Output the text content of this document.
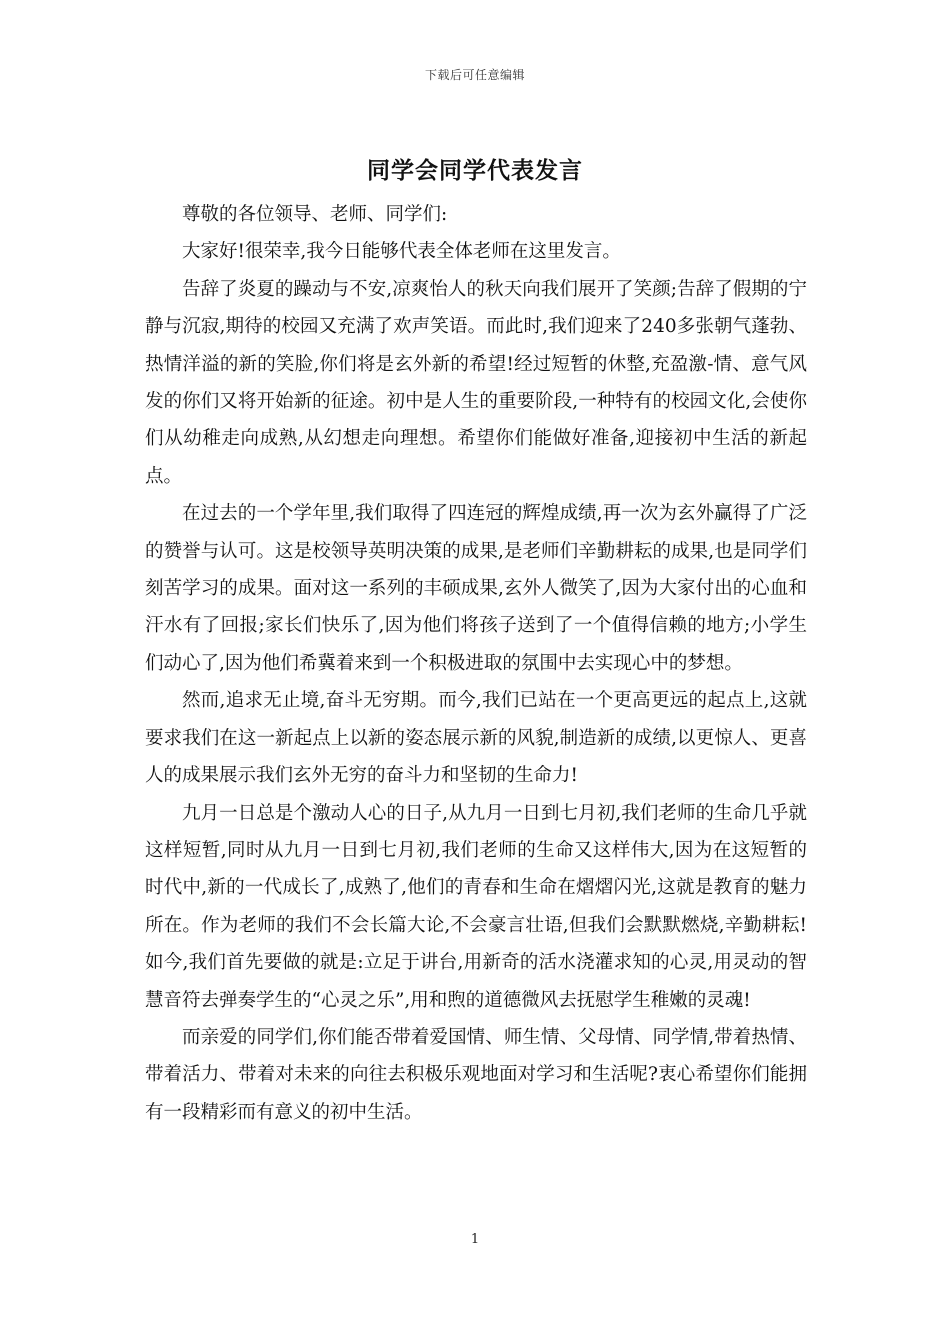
下载后可任意编辑
同学会同学代表发言

尊敬的各位领导、老师、同学们:

大家好!很荣幸,我今日能够代表全体老师在这里发言。

告辞了炎夏的躁动与不安,凉爽怡人的秋天向我们展开了笑颜;告辞了假期的宁静与沉寂,期待的校园又充满了欢声笑语。而此时,我们迎来了240多张朝气蓬勃、热情洋溢的新的笑脸,你们将是玄外新的希望!经过短暂的休整,充盈激-情、意气风发的你们又将开始新的征途。初中是人生的重要阶段,一种特有的校园文化,会使你们从幼稚走向成熟,从幻想走向理想。希望你们能做好准备,迎接初中生活的新起点。

在过去的一个学年里,我们取得了四连冠的辉煌成绩,再一次为玄外赢得了广泛的赞誉与认可。这是校领导英明决策的成果,是老师们辛勤耕耘的成果,也是同学们刻苦学习的成果。面对这一系列的丰硕成果,玄外人微笑了,因为大家付出的心血和汗水有了回报;家长们快乐了,因为他们将孩子送到了一个值得信赖的地方;小学生们动心了,因为他们希冀着来到一个积极进取的氛围中去实现心中的梦想。

然而,追求无止境,奋斗无穷期。而今,我们已站在一个更高更远的起点上,这就要求我们在这一新起点上以新的姿态展示新的风貌,制造新的成绩,以更惊人、更喜人的成果展示我们玄外无穷的奋斗力和坚韧的生命力!

九月一日总是个激动人心的日子,从九月一日到七月初,我们老师的生命几乎就这样短暂,同时从九月一日到七月初,我们老师的生命又这样伟大,因为在这短暂的时代中,新的一代成长了,成熟了,他们的青春和生命在熠熠闪光,这就是教育的魅力所在。作为老师的我们不会长篇大论,不会豪言壮语,但我们会默默燃烧,辛勤耕耘!如今,我们首先要做的就是:立足于讲台,用新奇的活水浇灌求知的心灵,用灵动的智慧音符去弹奏学生的“心灵之乐”,用和煦的道德微风去抚慰学生稚嫩的灵魂!

而亲爱的同学们,你们能否带着爱国情、师生情、父母情、同学情,带着热情、带着活力、带着对未来的向往去积极乐观地面对学习和生活呢?衷心希望你们能拥有一段精彩而有意义的初中生活。

1
